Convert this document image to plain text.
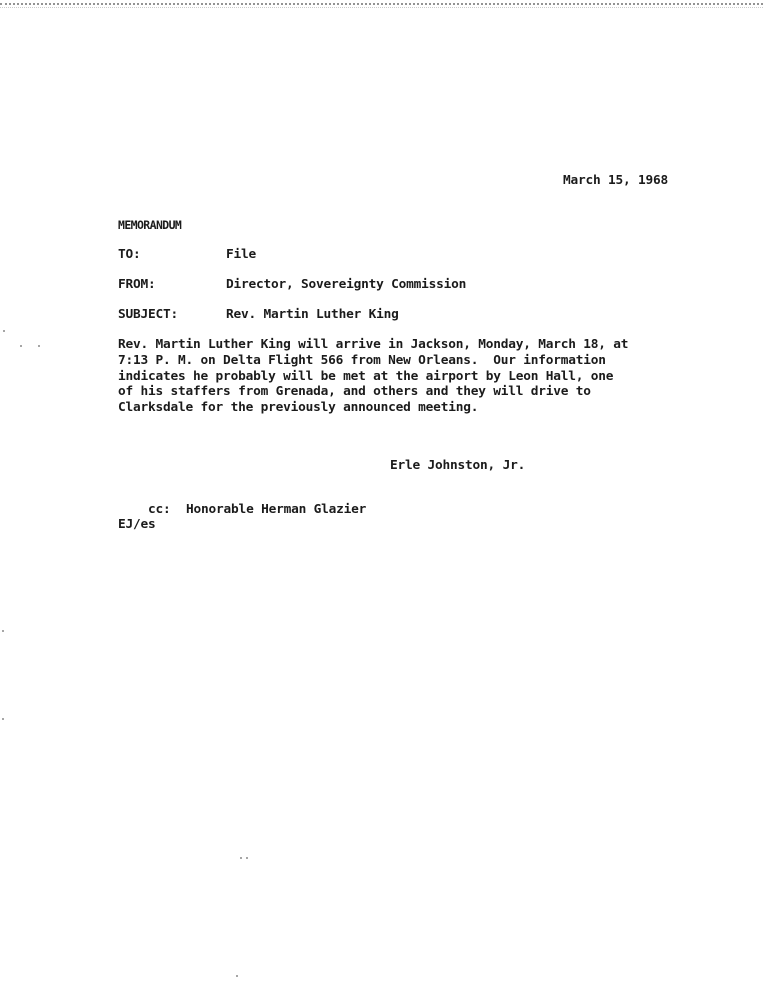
March 15, 1968
MEMORANDUM
TO:	File
FROM:	Director, Sovereignty Commission
SUBJECT:	Rev. Martin Luther King
Rev. Martin Luther King will arrive in Jackson, Monday, March 18, at
7:13 P. M. on Delta Flight 566 from New Orleans.  Our information
indicates he probably will be met at the airport by Leon Hall, one
of his staffers from Grenada, and others and they will drive to
Clarksdale for the previously announced meeting.
Erle Johnston, Jr.

cc: Honorable Herman Glazier

EJ/es
